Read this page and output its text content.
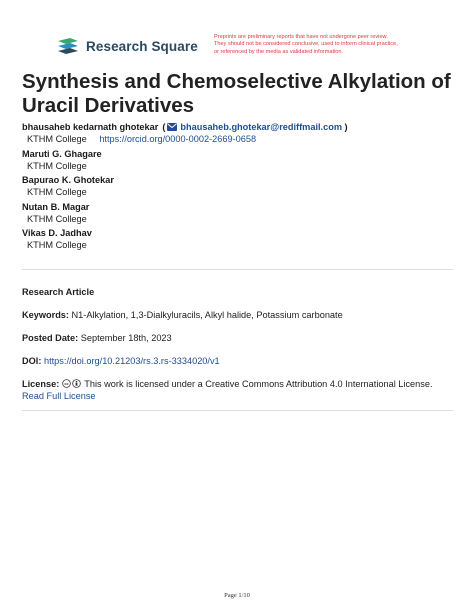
Research Square
Preprints are preliminary reports that have not undergone peer review.
They should not be considered conclusive, used to inform clinical practice,
or referenced by the media as validated information.
Synthesis and Chemoselective Alkylation of Uracil Derivatives
bhausaheb kedarnath ghotekar ( bhausaheb.ghotekar@rediffmail.com )
KTHM College https://orcid.org/0000-0002-2669-0658
Maruti G. Ghagare
KTHM College
Bapurao K. Ghotekar
KTHM College
Nutan B. Magar
KTHM College
Vikas D. Jadhav
KTHM College
Research Article
Keywords: N1-Alkylation, 1,3-Dialkyluracils, Alkyl halide, Potassium carbonate
Posted Date: September 18th, 2023
DOI: https://doi.org/10.21203/rs.3.rs-3334020/v1
License: cc This work is licensed under a Creative Commons Attribution 4.0 International License.
Read Full License
Page 1/10
